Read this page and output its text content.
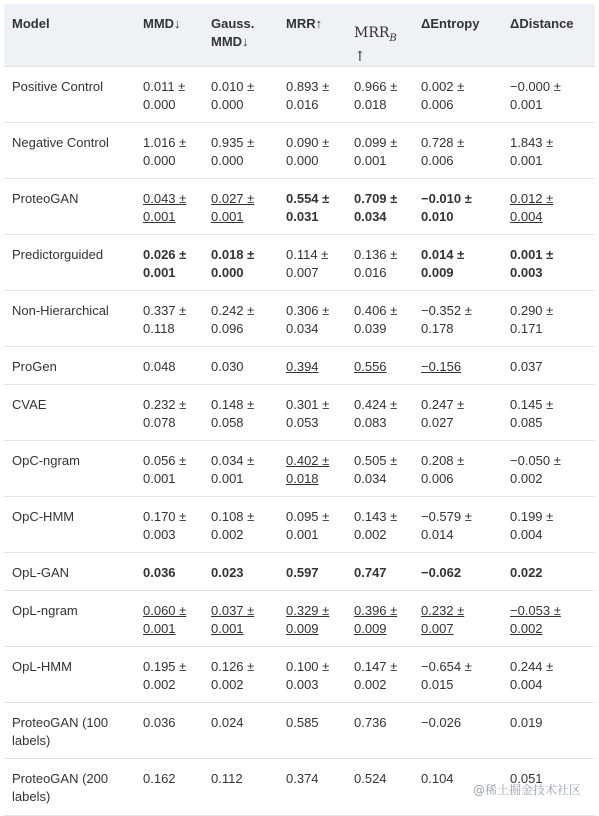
Model	MMD↓	Gauss. MMD↓	MRR↑	$MRR_B$ ↑	ΔEntropy	ΔDistance
Positive Control	0.011 ± 0.000	0.010 ± 0.000	0.893 ± 0.016	0.966 ± 0.018	0.002 ± 0.006	−0.000 ± 0.001
Negative Control	1.016 ± 0.000	0.935 ± 0.000	0.090 ± 0.000	0.099 ± 0.001	0.728 ± 0.006	1.843 ± 0.001
ProteoGAN	0.043 ± 0.001	0.027 ± 0.001	0.554 ± 0.031	0.709 ± 0.034	−0.010 ± 0.010	0.012 ± 0.004
Predictorguided	0.026 ± 0.001	0.018 ± 0.000	0.114 ± 0.007	0.136 ± 0.016	0.014 ± 0.009	0.001 ± 0.003
Non-Hierarchical	0.337 ± 0.118	0.242 ± 0.096	0.306 ± 0.034	0.406 ± 0.039	−0.352 ± 0.178	0.290 ± 0.171
ProGen	0.048	0.030	0.394	0.556	−0.156	0.037
CVAE	0.232 ± 0.078	0.148 ± 0.058	0.301 ± 0.053	0.424 ± 0.083	0.247 ± 0.027	0.145 ± 0.085
OpC-ngram	0.056 ± 0.001	0.034 ± 0.001	0.402 ± 0.018	0.505 ± 0.034	0.208 ± 0.006	−0.050 ± 0.002
OpC-HMM	0.170 ± 0.003	0.108 ± 0.002	0.095 ± 0.001	0.143 ± 0.002	−0.579 ± 0.014	0.199 ± 0.004
OpL-GAN	0.036	0.023	0.597	0.747	−0.062	0.022
OpL-ngram	0.060 ± 0.001	0.037 ± 0.001	0.329 ± 0.009	0.396 ± 0.009	0.232 ± 0.007	−0.053 ± 0.002
OpL-HMM	0.195 ± 0.002	0.126 ± 0.002	0.100 ± 0.003	0.147 ± 0.002	−0.654 ± 0.015	0.244 ± 0.004
ProteoGAN (100 labels)	0.036	0.024	0.585	0.736	−0.026	0.019
ProteoGAN (200 labels)	0.162	0.112	0.374	0.524	0.104	0.051
@稀土掘金技术社区
